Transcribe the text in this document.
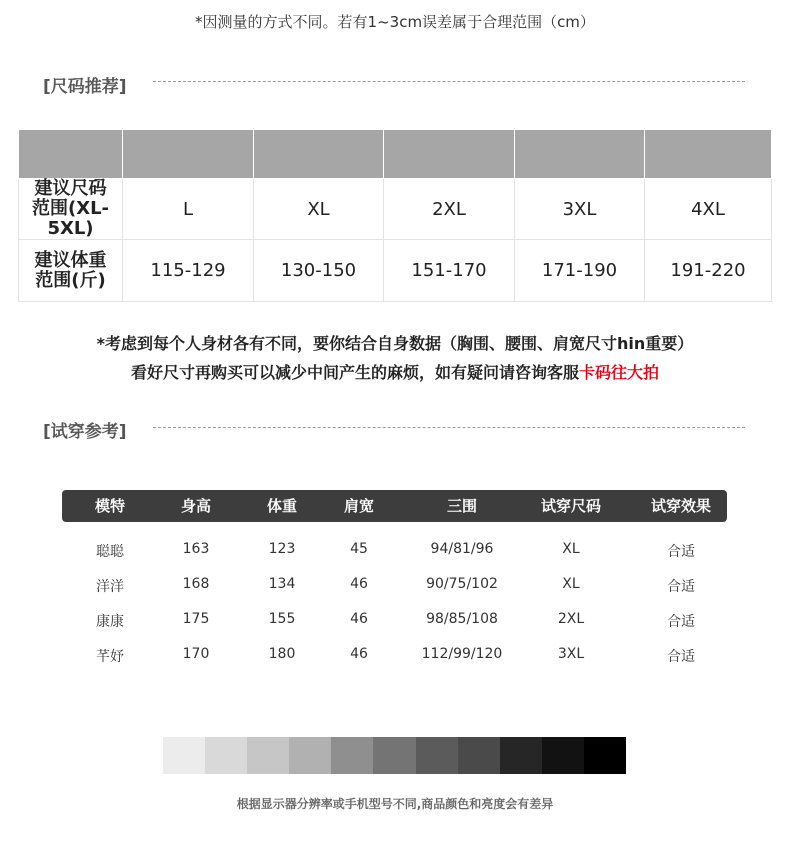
*因测量的方式不同。若有1~3cm误差属于合理范围（cm）
[尺码推荐]

建议尺码
范围(XL-5XL)	L	XL	2XL	3XL	4XL

建议体重
范围(斤)	115-129	130-150	151-170	171-190	191-220
*考虑到每个人身材各有不同，要你结合自身数据（胸围、腰围、肩宽尺寸hin重要）
看好尺寸再购买可以减少中间产生的麻烦，如有疑问请咨询客服卡码往大拍
[试穿参考]
模特	身高	体重	肩宽	三围	试穿尺码	试穿效果
聪聪	163	123	45	94/81/96	XL	合适
洋洋	168	134	46	90/75/102	XL	合适
康康	175	155	46	98/85/108	2XL	合适
芊妤	170	180	46	112/99/120	3XL	合适
根据显示器分辨率或手机型号不同,商品颜色和亮度会有差异
